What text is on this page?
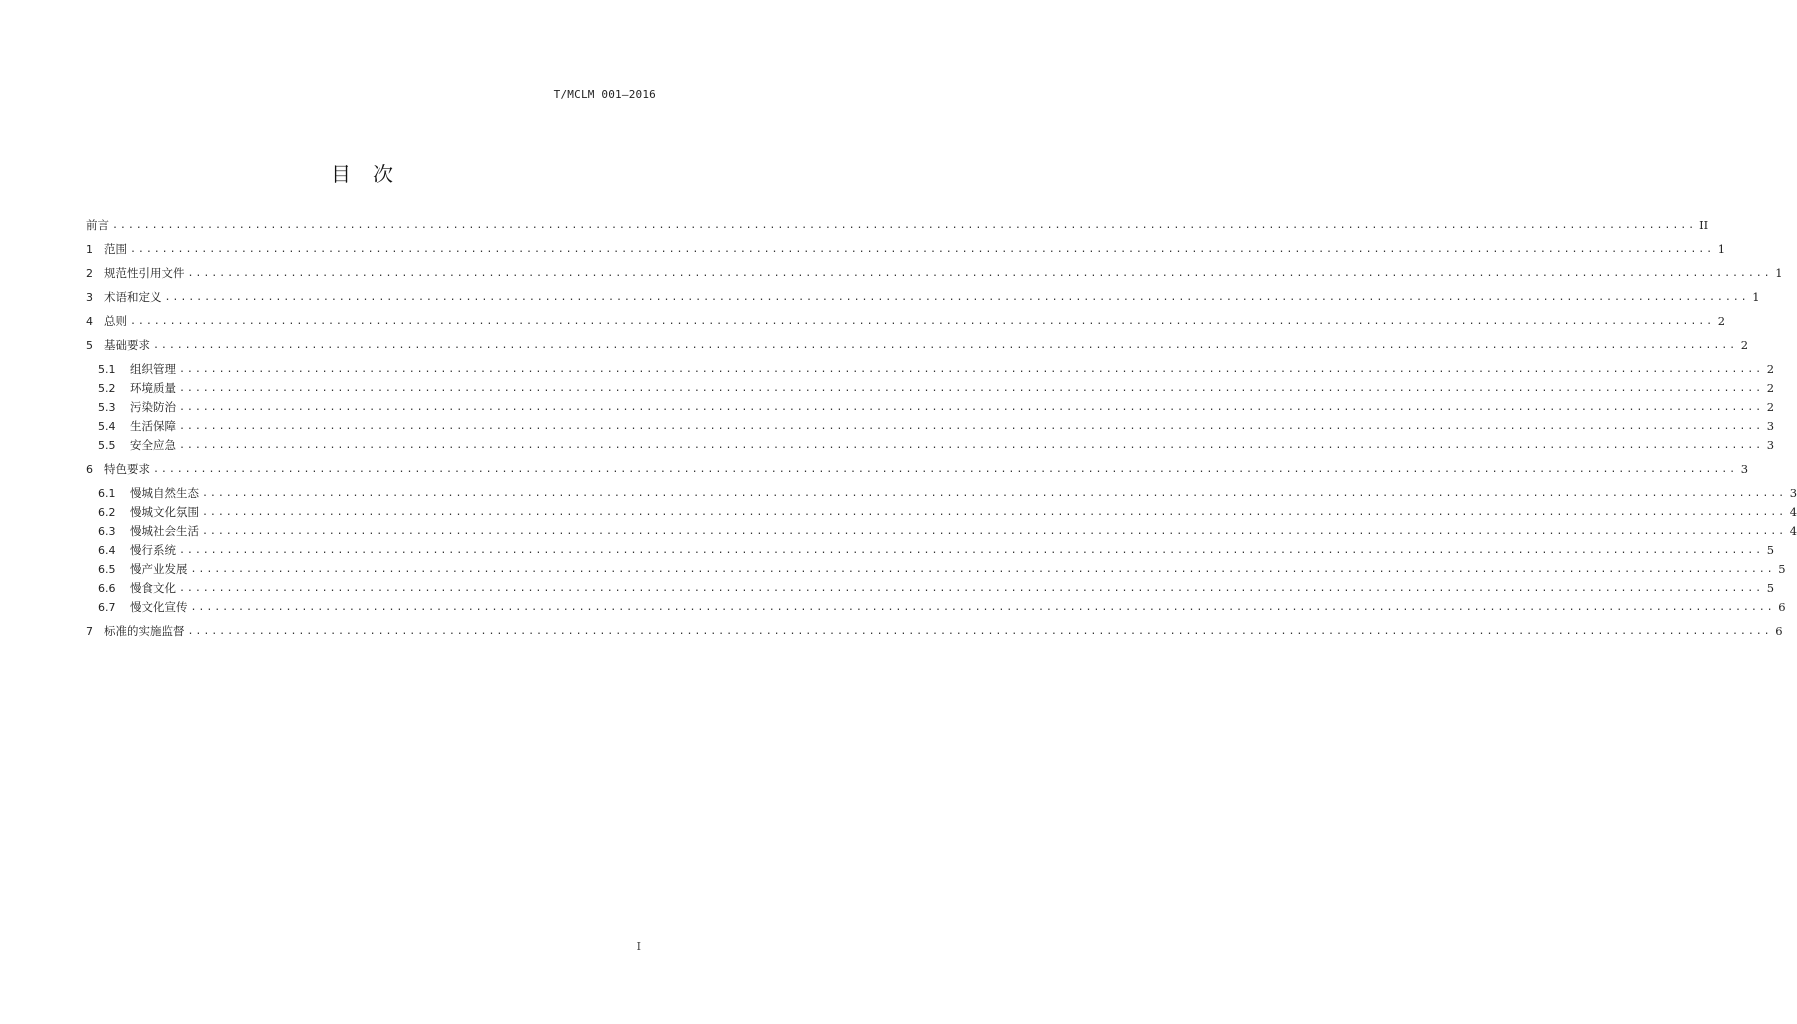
T/MCLM 001—2016
目 次
前言 ........................................................................................................................................................................................................ II
1 范围 ........................................................................................................................................................................................................ 1
2 规范性引用文件 ........................................................................................................................................................................................................ 1
3 术语和定义 ........................................................................................................................................................................................................ 1
4 总则 ........................................................................................................................................................................................................ 2
5 基础要求 ........................................................................................................................................................................................................ 2
5.1	组织管理 ........................................................................................................................................................................................................ 2
5.2	环境质量 ........................................................................................................................................................................................................ 2
5.3	污染防治 ........................................................................................................................................................................................................ 2
5.4	生活保障 ........................................................................................................................................................................................................ 3
5.5	安全应急 ........................................................................................................................................................................................................ 3
6 特色要求 ........................................................................................................................................................................................................ 3
6.1	慢城自然生态 ........................................................................................................................................................................................................ 3
6.2	慢城文化氛围 ........................................................................................................................................................................................................ 4
6.3	慢城社会生活 ........................................................................................................................................................................................................ 4
6.4	慢行系统 ........................................................................................................................................................................................................ 5
6.5	慢产业发展 ........................................................................................................................................................................................................ 5
6.6	慢食文化 ........................................................................................................................................................................................................ 5
6.7	慢文化宣传 ........................................................................................................................................................................................................ 6
7 标准的实施监督 ........................................................................................................................................................................................................ 6
I
